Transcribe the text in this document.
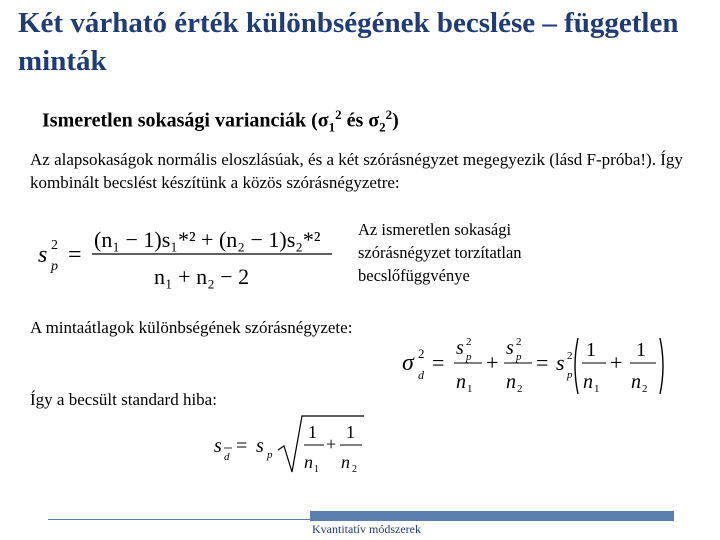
Két várható érték különbségének becslése – független minták
Ismeretlen sokasági varianciák ($\sigma_1^2$ és $\sigma_2^2$)
Az alapsokaságok normális eloszlásúak, és a két szórásnégyzet megegyezik (lásd F-próba!). Így kombinált becslést készítünk a közös szórásnégyzetre:
s p
2 =
(n₁ − 1)s₁*² + (n₂ − 1)s₂*²
n₁ + n₂ − 2
Az ismeretlen sokasági szórásnégyzet torzítatlan becslőfüggvénye
A mintaátlagok különbségének szórásnégyzete:
σ d
2 =
s p
2
n 1
+
s p
2
n 2
= s p
2 1
n 1
+ 1
n 2
Így a becsült standard hiba:
s d = s p
1
n 1
+
1
n 2
Kvantitatív módszerek
